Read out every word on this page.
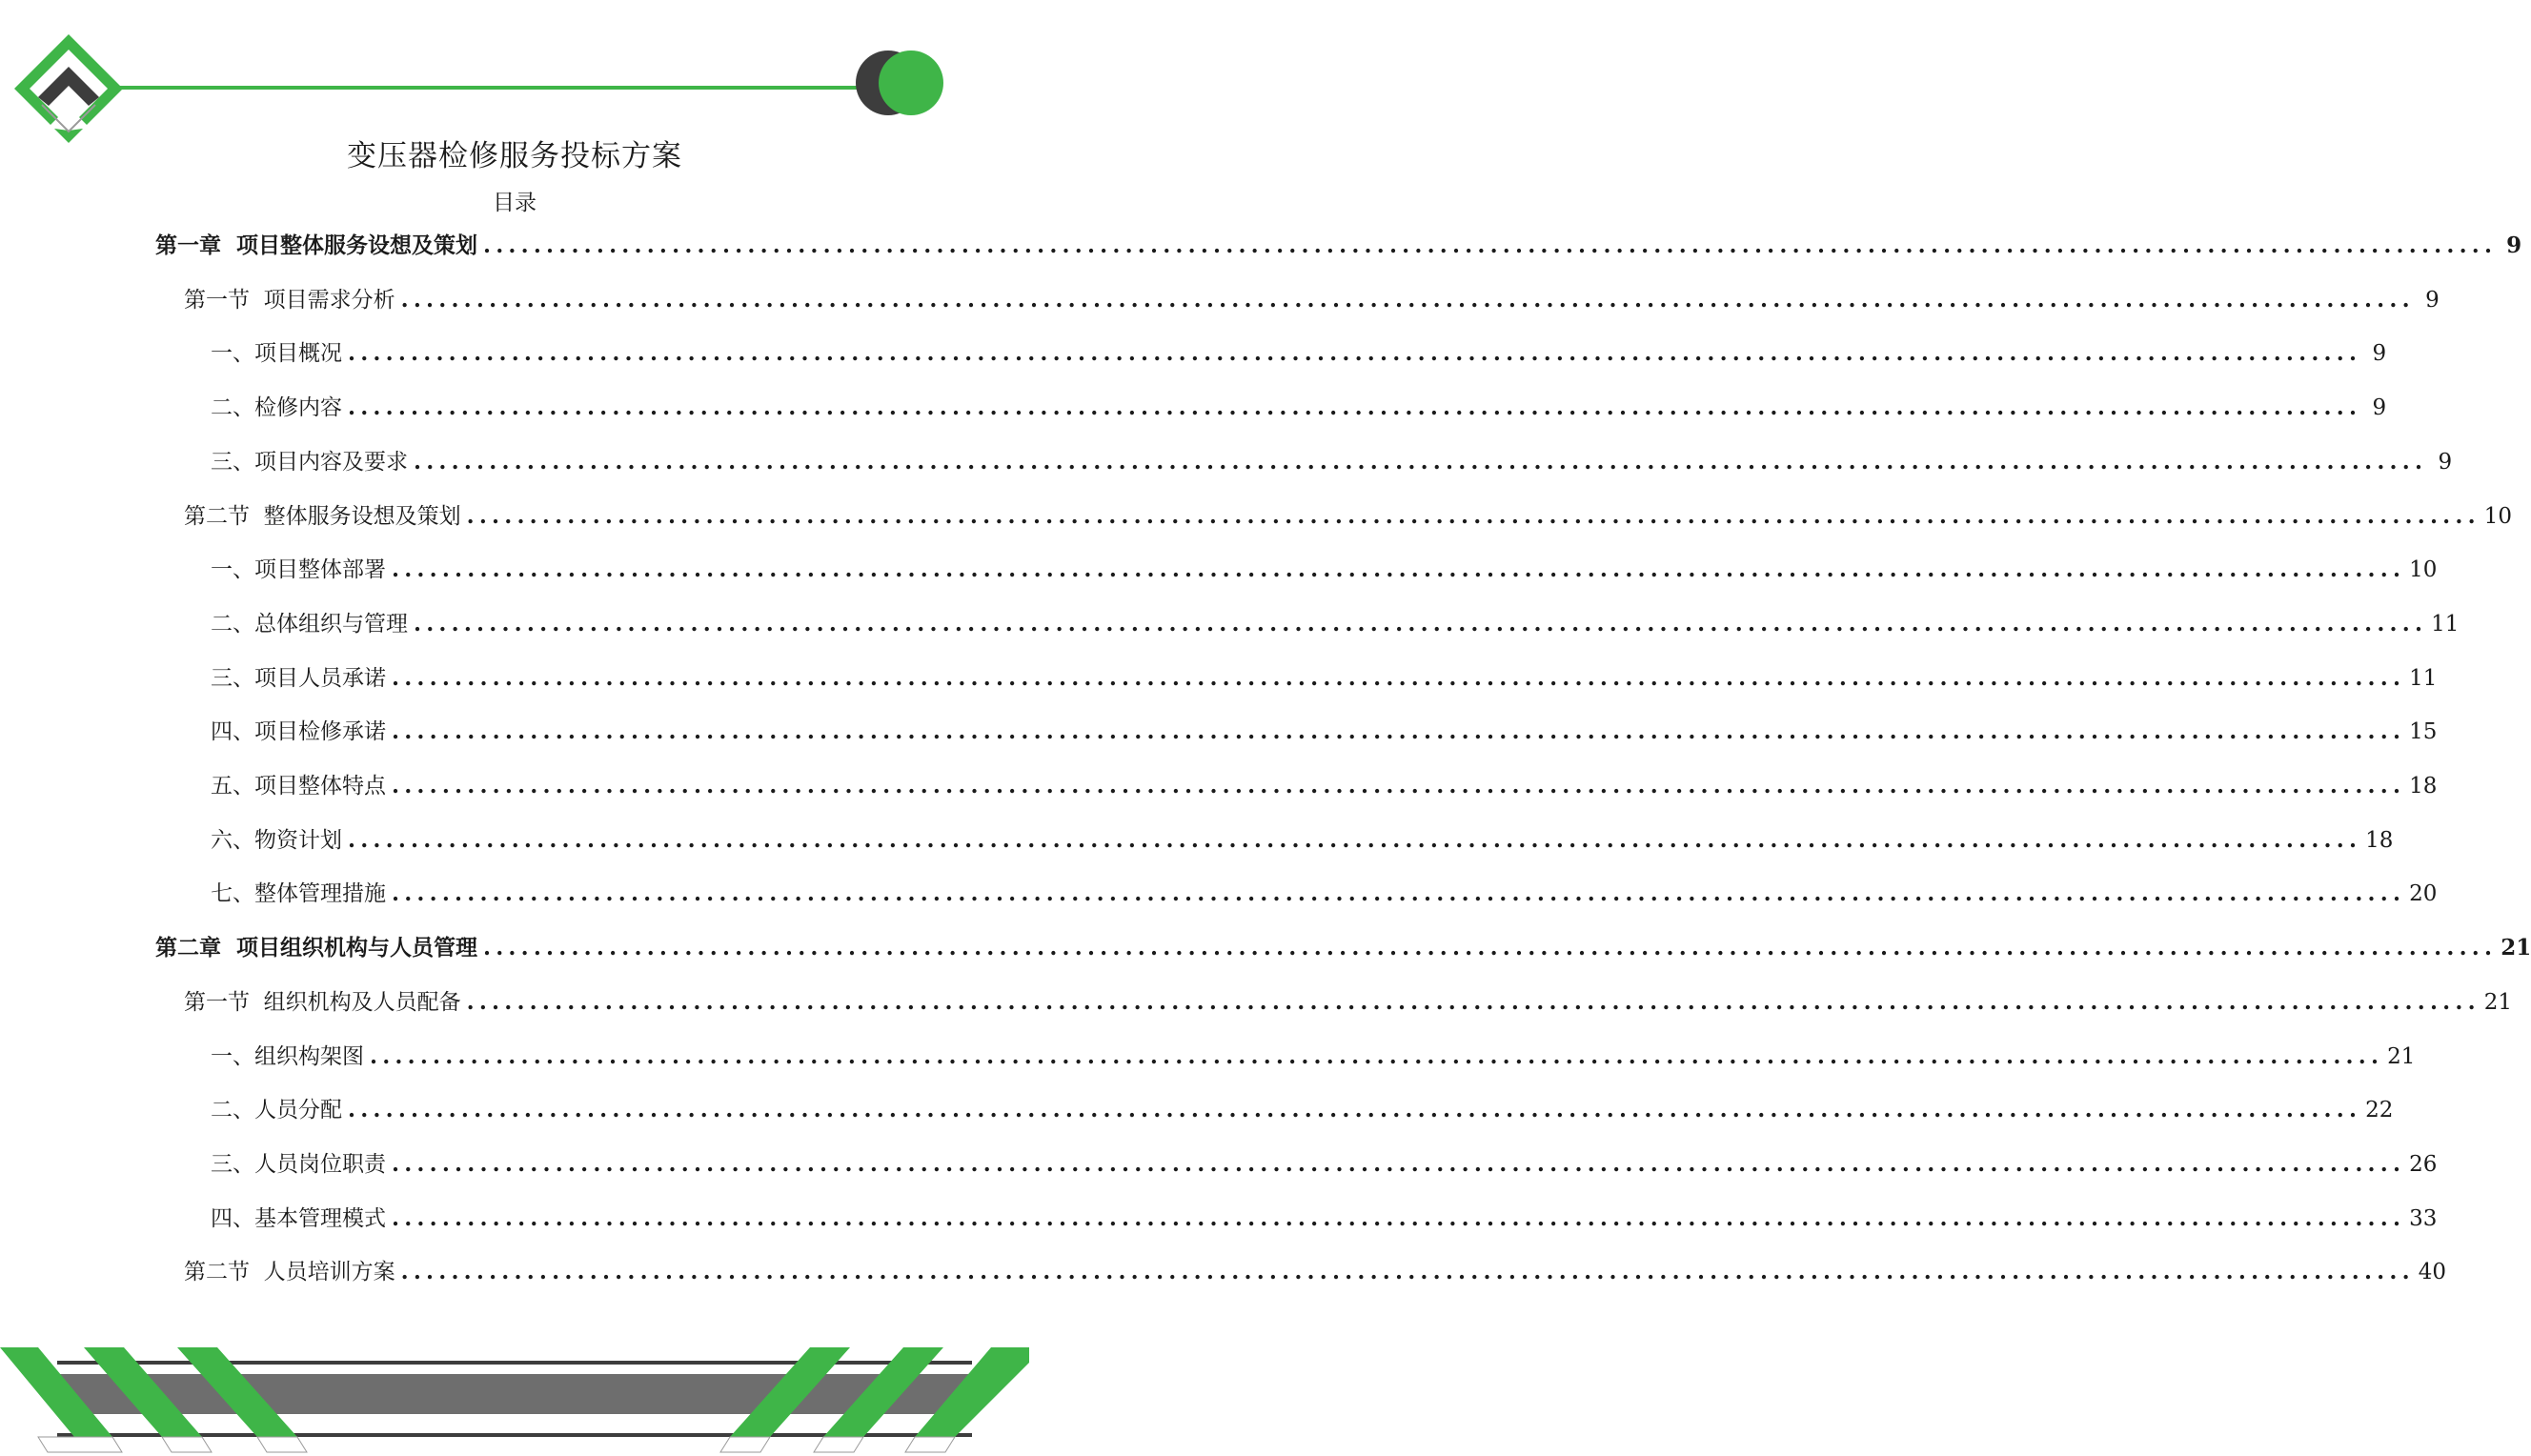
变压器检修服务投标方案
目录
第一章  项目整体服务设想及策划 ................................................................................................................................................................ 9
第一节  项目需求分析 ................................................................................................................................................................ 9
一、项目概况 ................................................................................................................................................................ 9
二、检修内容 ................................................................................................................................................................ 9
三、项目内容及要求 ................................................................................................................................................................ 9
第二节  整体服务设想及策划 ................................................................................................................................................................ 10
一、项目整体部署 ................................................................................................................................................................ 10
二、总体组织与管理 ................................................................................................................................................................ 11
三、项目人员承诺 ................................................................................................................................................................ 11
四、项目检修承诺 ................................................................................................................................................................ 15
五、项目整体特点 ................................................................................................................................................................ 18
六、物资计划 ................................................................................................................................................................ 18
七、整体管理措施 ................................................................................................................................................................ 20
第二章  项目组织机构与人员管理 ................................................................................................................................................................ 21
第一节  组织机构及人员配备 ................................................................................................................................................................ 21
一、组织构架图 ................................................................................................................................................................ 21
二、人员分配 ................................................................................................................................................................ 22
三、人员岗位职责 ................................................................................................................................................................ 26
四、基本管理模式 ................................................................................................................................................................ 33
第二节  人员培训方案 ................................................................................................................................................................ 40
